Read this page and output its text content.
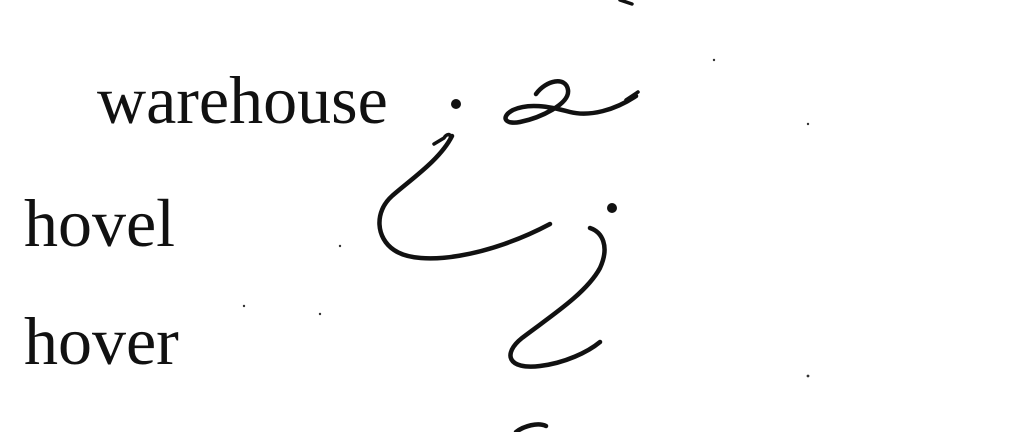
warehouse
hovel
hover
